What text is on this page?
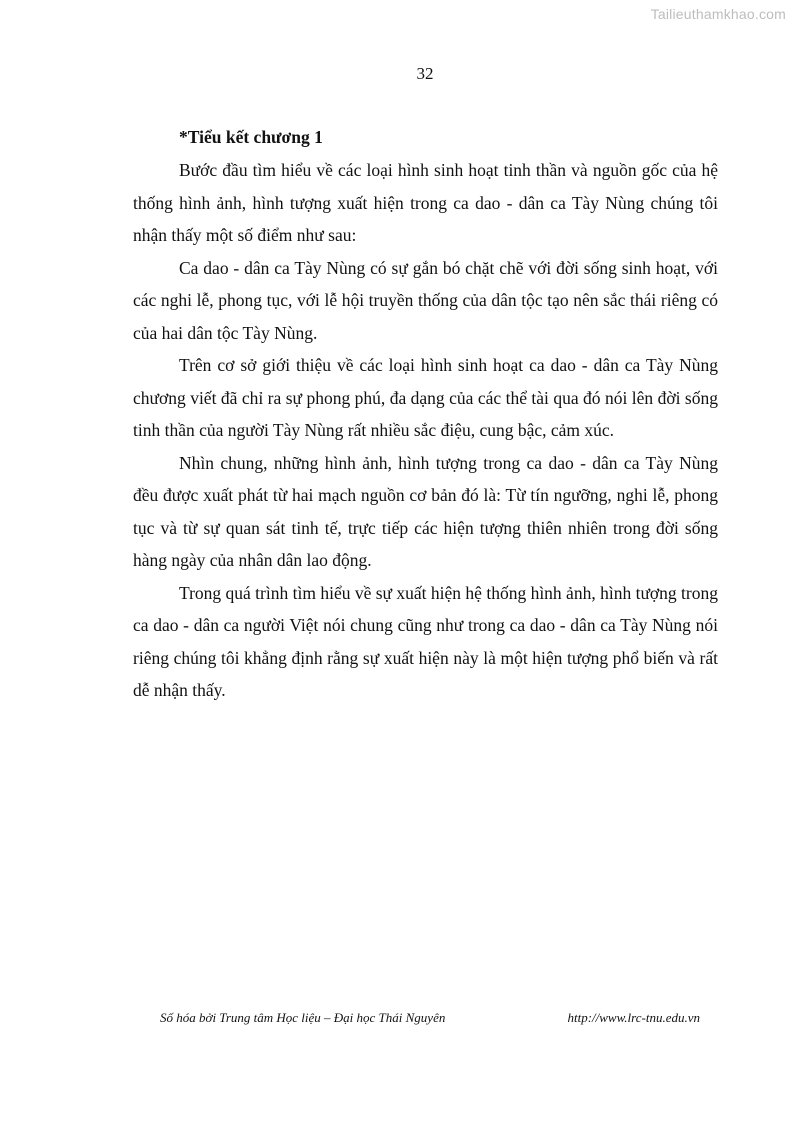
Tailieuthamkhao.com
32
*Tiểu kết chương 1

Bước đầu tìm hiểu về các loại hình sinh hoạt tinh thần và nguồn gốc của hệ thống hình ảnh, hình tượng xuất hiện trong ca dao - dân ca Tày Nùng chúng tôi nhận thấy một số điểm như sau:

Ca dao - dân ca Tày Nùng có sự gắn bó chặt chẽ với đời sống sinh hoạt, với các nghi lễ, phong tục, với lễ hội truyền thống của dân tộc tạo nên sắc thái riêng có của hai dân tộc Tày Nùng.

Trên cơ sở giới thiệu về các loại hình sinh hoạt ca dao - dân ca Tày Nùng chương viết đã chỉ ra sự phong phú, đa dạng của các thể tài qua đó nói lên đời sống tinh thần của người Tày Nùng rất nhiều sắc điệu, cung bậc, cảm xúc.

Nhìn chung, những hình ảnh, hình tượng trong ca dao - dân ca Tày Nùng đều được xuất phát từ hai mạch nguồn cơ bản đó là: Từ tín ngưỡng, nghi lễ, phong tục và từ sự quan sát tinh tế, trực tiếp các hiện tượng thiên nhiên trong đời sống hàng ngày của nhân dân lao động.

Trong quá trình tìm hiểu về sự xuất hiện hệ thống hình ảnh, hình tượng trong ca dao - dân ca người Việt nói chung cũng như trong ca dao - dân ca Tày Nùng nói riêng chúng tôi khẳng định rằng sự xuất hiện này là một hiện tượng phổ biến và rất dễ nhận thấy.

Số hóa bởi Trung tâm Học liệu – Đại học Thái Nguyên	http://www.lrc-tnu.edu.vn
